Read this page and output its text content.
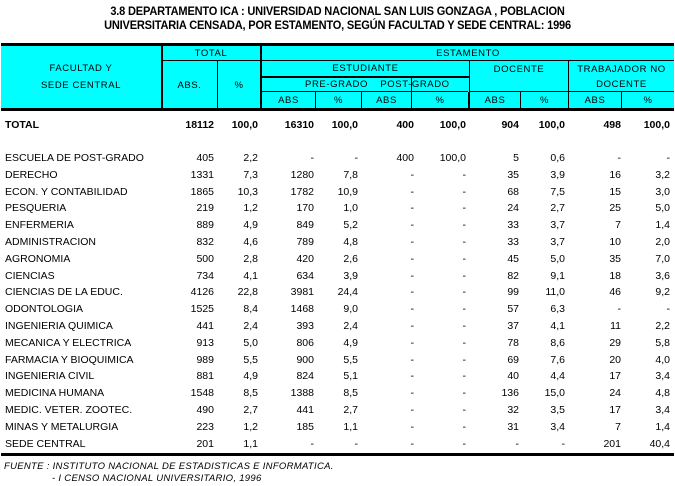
3.8 DEPARTAMENTO ICA : UNIVERSIDAD NACIONAL SAN LUIS GONZAGA , POBLACION
UNIVERSITARIA CENSADA, POR ESTAMENTO, SEGÚN FACULTAD Y SEDE CENTRAL: 1996
FACULTAD Y
SEDE CENTRAL
TOTAL
ABS.	%
ESTAMENTO
ESTUDIANTE
PRE-GRADO	POST-GRADO
DOCENTE	TRABAJADOR NO
DOCENTE
ABS	%	ABS	%	ABS	%	ABS	%
TOTAL	18112 100,0	16310 100,0	400 100,0	904 100,0	498 100,0
ESCUELA DE POST-GRADO	405	2,2	-	-	400 100,0	5	0,6	-	-
DERECHO	1331	7,3	1280	7,8	-	-	35	3,9	16	3,2
ECON. Y CONTABILIDAD	1865 10,3	1782 10,9	-	-	68	7,5	15	3,0
PESQUERIA	219	1,2	170	1,0	-	-	24	2,7	25	5,0
ENFERMERIA	889	4,9	849	5,2	-	-	33	3,7	7	1,4
ADMINISTRACION	832	4,6	789	4,8	-	-	33	3,7	10	2,0
AGRONOMIA	500	2,8	420	2,6	-	-	45	5,0	35	7,0
CIENCIAS	734	4,1	634	3,9	-	-	82	9,1	18	3,6
CIENCIAS DE LA EDUC.	4126 22,8	3981 24,4	-	-	99	11,0	46	9,2
ODONTOLOGIA	1525	8,4	1468	9,0	-	-	57	6,3	-	-
INGENIERIA QUIMICA	441	2,4	393	2,4	-	-	37	4,1	11	2,2
MECANICA Y ELECTRICA	913	5,0	806	4,9	-	-	78	8,6	29	5,8
FARMACIA Y BIOQUIMICA	989	5,5	900	5,5	-	-	69	7,6	20	4,0
INGENIERIA CIVIL	881	4,9	824	5,1	-	-	40	4,4	17	3,4
MEDICINA HUMANA	1548	8,5	1388	8,5	-	-	136 15,0	24	4,8
MEDIC. VETER. ZOOTEC.	490	2,7	441	2,7	-	-	32	3,5	17	3,4
MINAS Y METALURGIA	223	1,2	185	1,1	-	-	31	3,4	7	1,4
SEDE CENTRAL	201	1,1	-	-	-	-	-	-	201	40,4
FUENTE : INSTITUTO NACIONAL DE ESTADISTICAS E INFORMATICA.
- I CENSO NACIONAL UNIVERSITARIO, 1996
